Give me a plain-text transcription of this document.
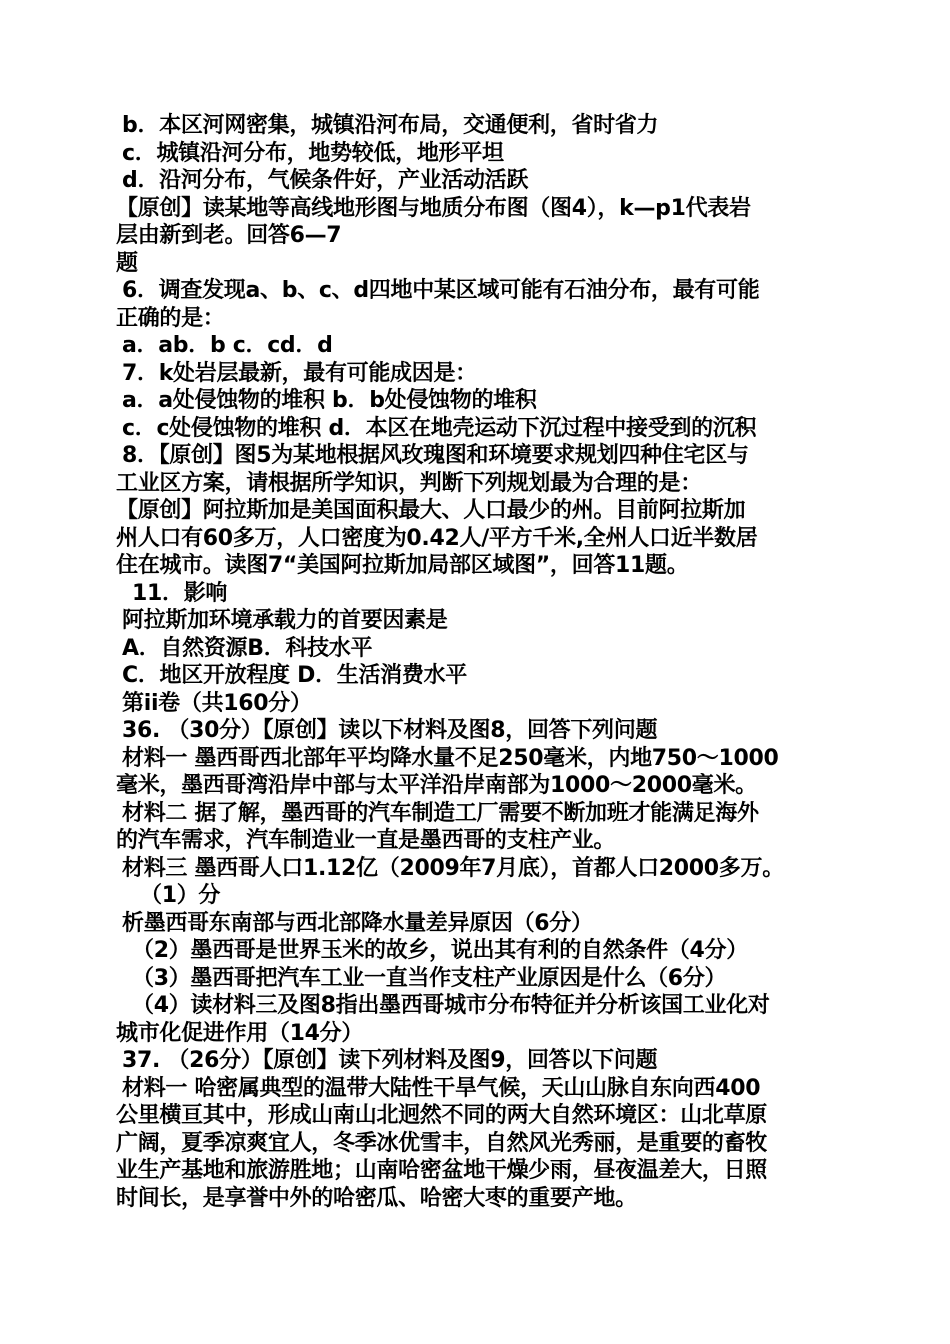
b．本区河网密集，城镇沿河布局，交通便利，省时省力
c．城镇沿河分布，地势较低，地形平坦
d．沿河分布，气候条件好，产业活动活跃
【原创】读某地等高线地形图与地质分布图（图4），k—p1代表岩
层由新到老。回答6—7
题
6．调查发现a、b、c、d四地中某区域可能有石油分布，最有可能
正确的是：
a．ab．b c．cd．d
7．k处岩层最新，最有可能成因是：
a．a处侵蚀物的堆积 b．b处侵蚀物的堆积
c．c处侵蚀物的堆积 d．本区在地壳运动下沉过程中接受到的沉积
8．【原创】图5为某地根据风玫瑰图和环境要求规划四种住宅区与
工业区方案，请根据所学知识，判断下列规划最为合理的是：
【原创】阿拉斯加是美国面积最大、人口最少的州。目前阿拉斯加
州人口有60多万，人口密度为0.42人/平方千米,全州人口近半数居
住在城市。读图7“美国阿拉斯加局部区域图”，回答11题。
11．影响
阿拉斯加环境承载力的首要因素是
A．自然资源B．科技水平
C．地区开放程度 D．生活消费水平
第ii卷（共160分）
36. （30分）【原创】读以下材料及图8，回答下列问题
材料一 墨西哥西北部年平均降水量不足250毫米，内地750～1000
毫米，墨西哥湾沿岸中部与太平洋沿岸南部为1000～2000毫米。
材料二 据了解，墨西哥的汽车制造工厂需要不断加班才能满足海外
的汽车需求，汽车制造业一直是墨西哥的支柱产业。
材料三 墨西哥人口1.12亿（2009年7月底），首都人口2000多万。
（1）分
析墨西哥东南部与西北部降水量差异原因（6分）
（2）墨西哥是世界玉米的故乡，说出其有利的自然条件（4分）
（3）墨西哥把汽车工业一直当作支柱产业原因是什么（6分）
（4）读材料三及图8指出墨西哥城市分布特征并分析该国工业化对
城市化促进作用（14分）
37. （26分）【原创】读下列材料及图9，回答以下问题
材料一 哈密属典型的温带大陆性干旱气候，天山山脉自东向西400
公里横亘其中，形成山南山北迥然不同的两大自然环境区：山北草原
广阔，夏季凉爽宜人，冬季冰优雪丰，自然风光秀丽，是重要的畜牧
业生产基地和旅游胜地；山南哈密盆地干燥少雨，昼夜温差大，日照
时间长，是享誉中外的哈密瓜、哈密大枣的重要产地。
